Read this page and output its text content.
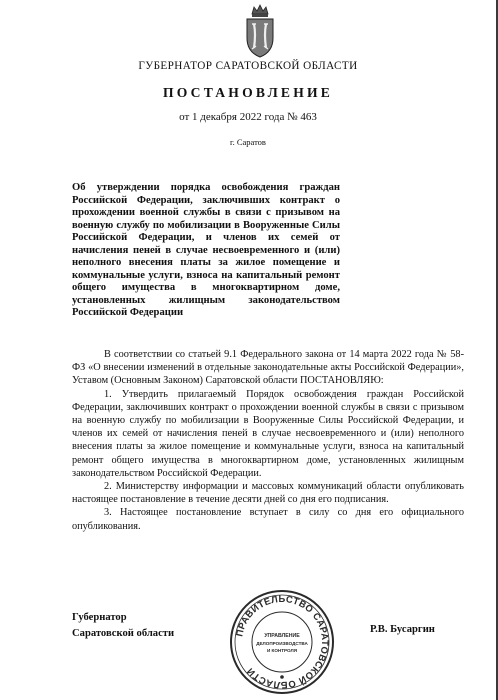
ГУБЕРНАТОР САРАТОВСКОЙ ОБЛАСТИ
ПОСТАНОВЛЕНИЕ
от 1 декабря 2022 года № 463
г. Саратов

Об утверждении порядка освобождения граждан Российской Федерации, заключивших контракт о прохождении военной службы в связи с призывом на военную службу по мобилизации в Вооруженные Силы Российской Федерации, и членов их семей от начисления пеней в случае несвоевременного и (или) неполного внесения платы за жилое помещение и коммунальные услуги, взноса на капитальный ремонт общего имущества в многоквартирном доме, установленных жилищным законодательством Российской Федерации

В соответствии со статьей 9.1 Федерального закона от 14 марта 2022 года № 58-ФЗ «О внесении изменений в отдельные законодательные акты Российской Федерации», Уставом (Основным Законом) Саратовской области ПОСТАНОВЛЯЮ:

1. Утвердить прилагаемый Порядок освобождения граждан Российской Федерации, заключивших контракт о прохождении военной службы в связи с призывом на военную службу по мобилизации в Вооруженные Силы Российской Федерации, и членов их семей от начисления пеней в случае несвоевременного и (или) неполного внесения платы за жилое помещение и коммунальные услуги, взноса на капитальный ремонт общего имущества в многоквартирном доме, установленных жилищным законодательством Российской Федерации.

2. Министерству информации и массовых коммуникаций области опубликовать настоящее постановление в течение десяти дней со дня его подписания.

3. Настоящее постановление вступает в силу со дня его официального опубликования.

Губернатор
Саратовской области	Р.В. Бусаргин
ПРАВИТЕЛЬСТВО САРАТОВСКОЙ ОБЛАСТИ
УПРАВЛЕНИЕ
ДЕЛОПРОИЗВОДСТВА
И КОНТРОЛЯ
